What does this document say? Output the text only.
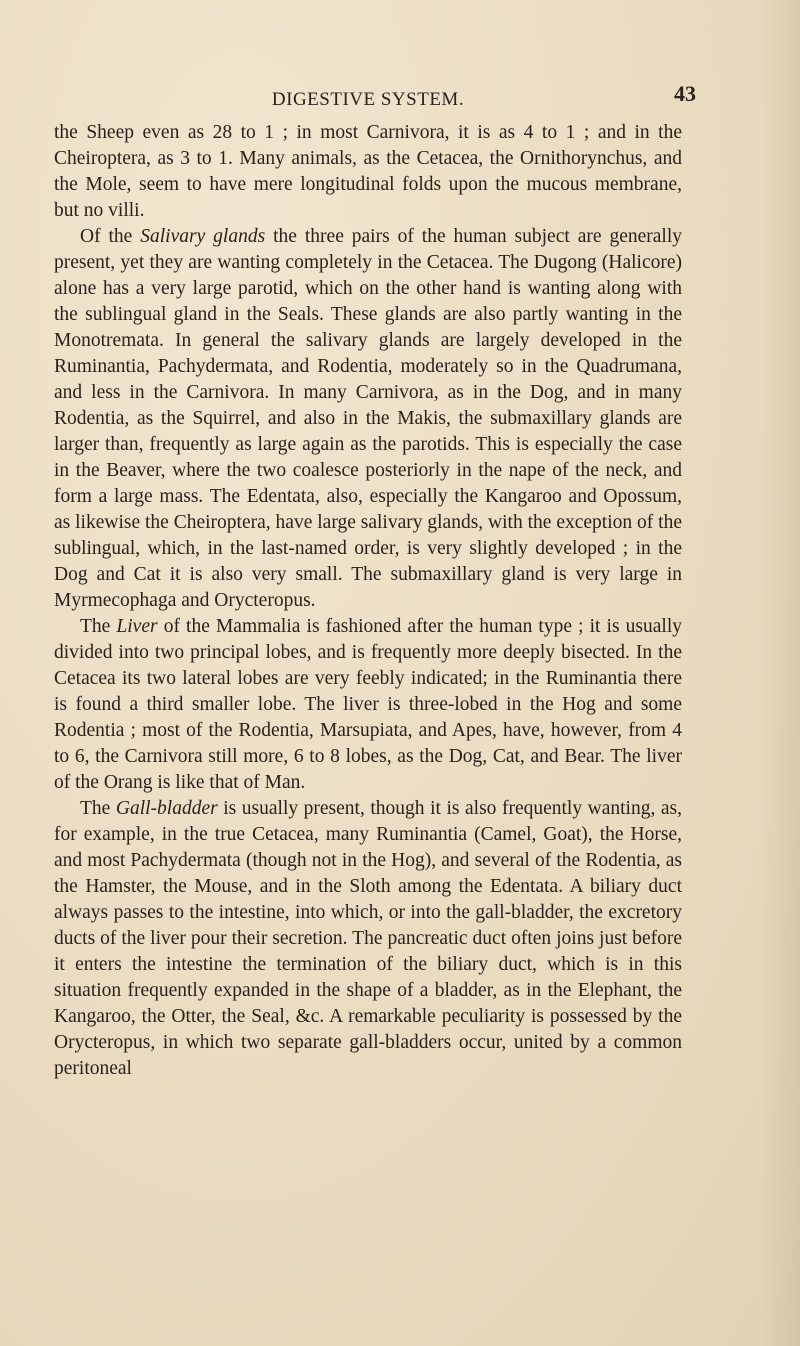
DIGESTIVE SYSTEM.	43

the Sheep even as 28 to 1 ; in most Carnivora, it is as 4 to 1 ; and in the Cheiroptera, as 3 to 1. Many animals, as the Cetacea, the Ornithorynchus, and the Mole, seem to have mere longitudinal folds upon the mucous membrane, but no villi.

Of the Salivary glands the three pairs of the human subject are generally present, yet they are wanting completely in the Cetacea. The Dugong (Halicore) alone has a very large parotid, which on the other hand is wanting along with the sublingual gland in the Seals. These glands are also partly wanting in the Monotremata. In general the salivary glands are largely developed in the Ruminantia, Pachydermata, and Rodentia, moderately so in the Quadrumana, and less in the Carnivora. In many Carnivora, as in the Dog, and in many Rodentia, as the Squirrel, and also in the Makis, the submaxillary glands are larger than, frequently as large again as the parotids. This is especially the case in the Beaver, where the two coalesce posteriorly in the nape of the neck, and form a large mass. The Edentata, also, especially the Kangaroo and Opossum, as likewise the Cheiroptera, have large salivary glands, with the exception of the sublingual, which, in the last-named order, is very slightly developed ; in the Dog and Cat it is also very small. The submaxillary gland is very large in Myrmecophaga and Orycteropus.

The Liver of the Mammalia is fashioned after the human type ; it is usually divided into two principal lobes, and is frequently more deeply bisected. In the Cetacea its two lateral lobes are very feebly indicated; in the Ruminantia there is found a third smaller lobe. The liver is three-lobed in the Hog and some Rodentia ; most of the Rodentia, Marsupiata, and Apes, have, however, from 4 to 6, the Carnivora still more, 6 to 8 lobes, as the Dog, Cat, and Bear. The liver of the Orang is like that of Man.

The Gall-bladder is usually present, though it is also frequently wanting, as, for example, in the true Cetacea, many Ruminantia (Camel, Goat), the Horse, and most Pachydermata (though not in the Hog), and several of the Rodentia, as the Hamster, the Mouse, and in the Sloth among the Edentata. A biliary duct always passes to the intestine, into which, or into the gall-bladder, the excretory ducts of the liver pour their secretion. The pancreatic duct often joins just before it enters the intestine the termination of the biliary duct, which is in this situation frequently expanded in the shape of a bladder, as in the Elephant, the Kangaroo, the Otter, the Seal, &c. A remarkable peculiarity is possessed by the Orycteropus, in which two separate gall-bladders occur, united by a common peritoneal
